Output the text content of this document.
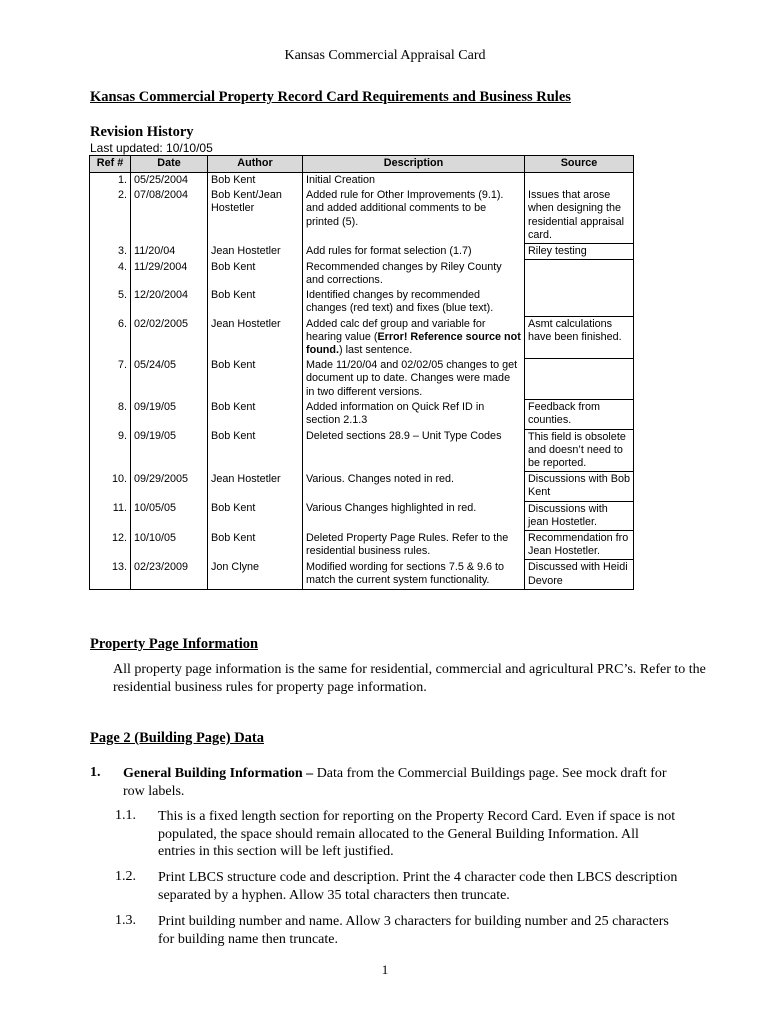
Kansas Commercial Appraisal Card
Kansas Commercial Property Record Card Requirements and Business Rules
Revision History
Last updated: 10/10/05
Ref #	Date	Author	Description	Source
1.	05/25/2004	Bob Kent	Initial Creation	
2.	07/08/2004	Bob Kent/Jean Hostetler	Added rule for Other Improvements (9.1). and added additional comments to be printed (5).	Issues that arose when designing the residential appraisal card.
3.	11/20/04	Jean Hostetler	Add rules for format selection (1.7)	Riley testing
4.	11/29/2004	Bob Kent	Recommended changes by Riley County and corrections.	
5.	12/20/2004	Bob Kent	Identified changes by recommended changes (red text) and fixes (blue text).	
6.	02/02/2005	Jean Hostetler	Added calc def group and variable for hearing value (Error! Reference source not found.) last sentence.	Asmt calculations have been finished.
7.	05/24/05	Bob Kent	Made 11/20/04 and 02/02/05 changes to get document up to date. Changes were made in two different versions.	
8.	09/19/05	Bob Kent	Added information on Quick Ref ID in section 2.1.3	Feedback from counties.
9.	09/19/05	Bob Kent	Deleted sections 28.9 – Unit Type Codes	This field is obsolete and doesn’t need to be reported.
10.	09/29/2005	Jean Hostetler	Various. Changes noted in red.	Discussions with Bob Kent
11.	10/05/05	Bob Kent	Various Changes highlighted in red.	Discussions with jean Hostetler.
12.	10/10/05	Bob Kent	Deleted Property Page Rules. Refer to the residential business rules.	Recommendation fro Jean Hostetler.
13.	02/23/2009	Jon Clyne	Modified wording for sections 7.5 & 9.6 to match the current system functionality.	Discussed with Heidi Devore
Property Page Information
All property page information is the same for residential, commercial and agricultural PRC’s. Refer to the residential business rules for property page information.
Page 2 (Building Page) Data
1. General Building Information – Data from the Commercial Buildings page. See mock draft for row labels.
1.1. This is a fixed length section for reporting on the Property Record Card. Even if space is not populated, the space should remain allocated to the General Building Information. All entries in this section will be left justified.
1.2. Print LBCS structure code and description. Print the 4 character code then LBCS description separated by a hyphen. Allow 35 total characters then truncate.
1.3. Print building number and name. Allow 3 characters for building number and 25 characters for building name then truncate.
1
